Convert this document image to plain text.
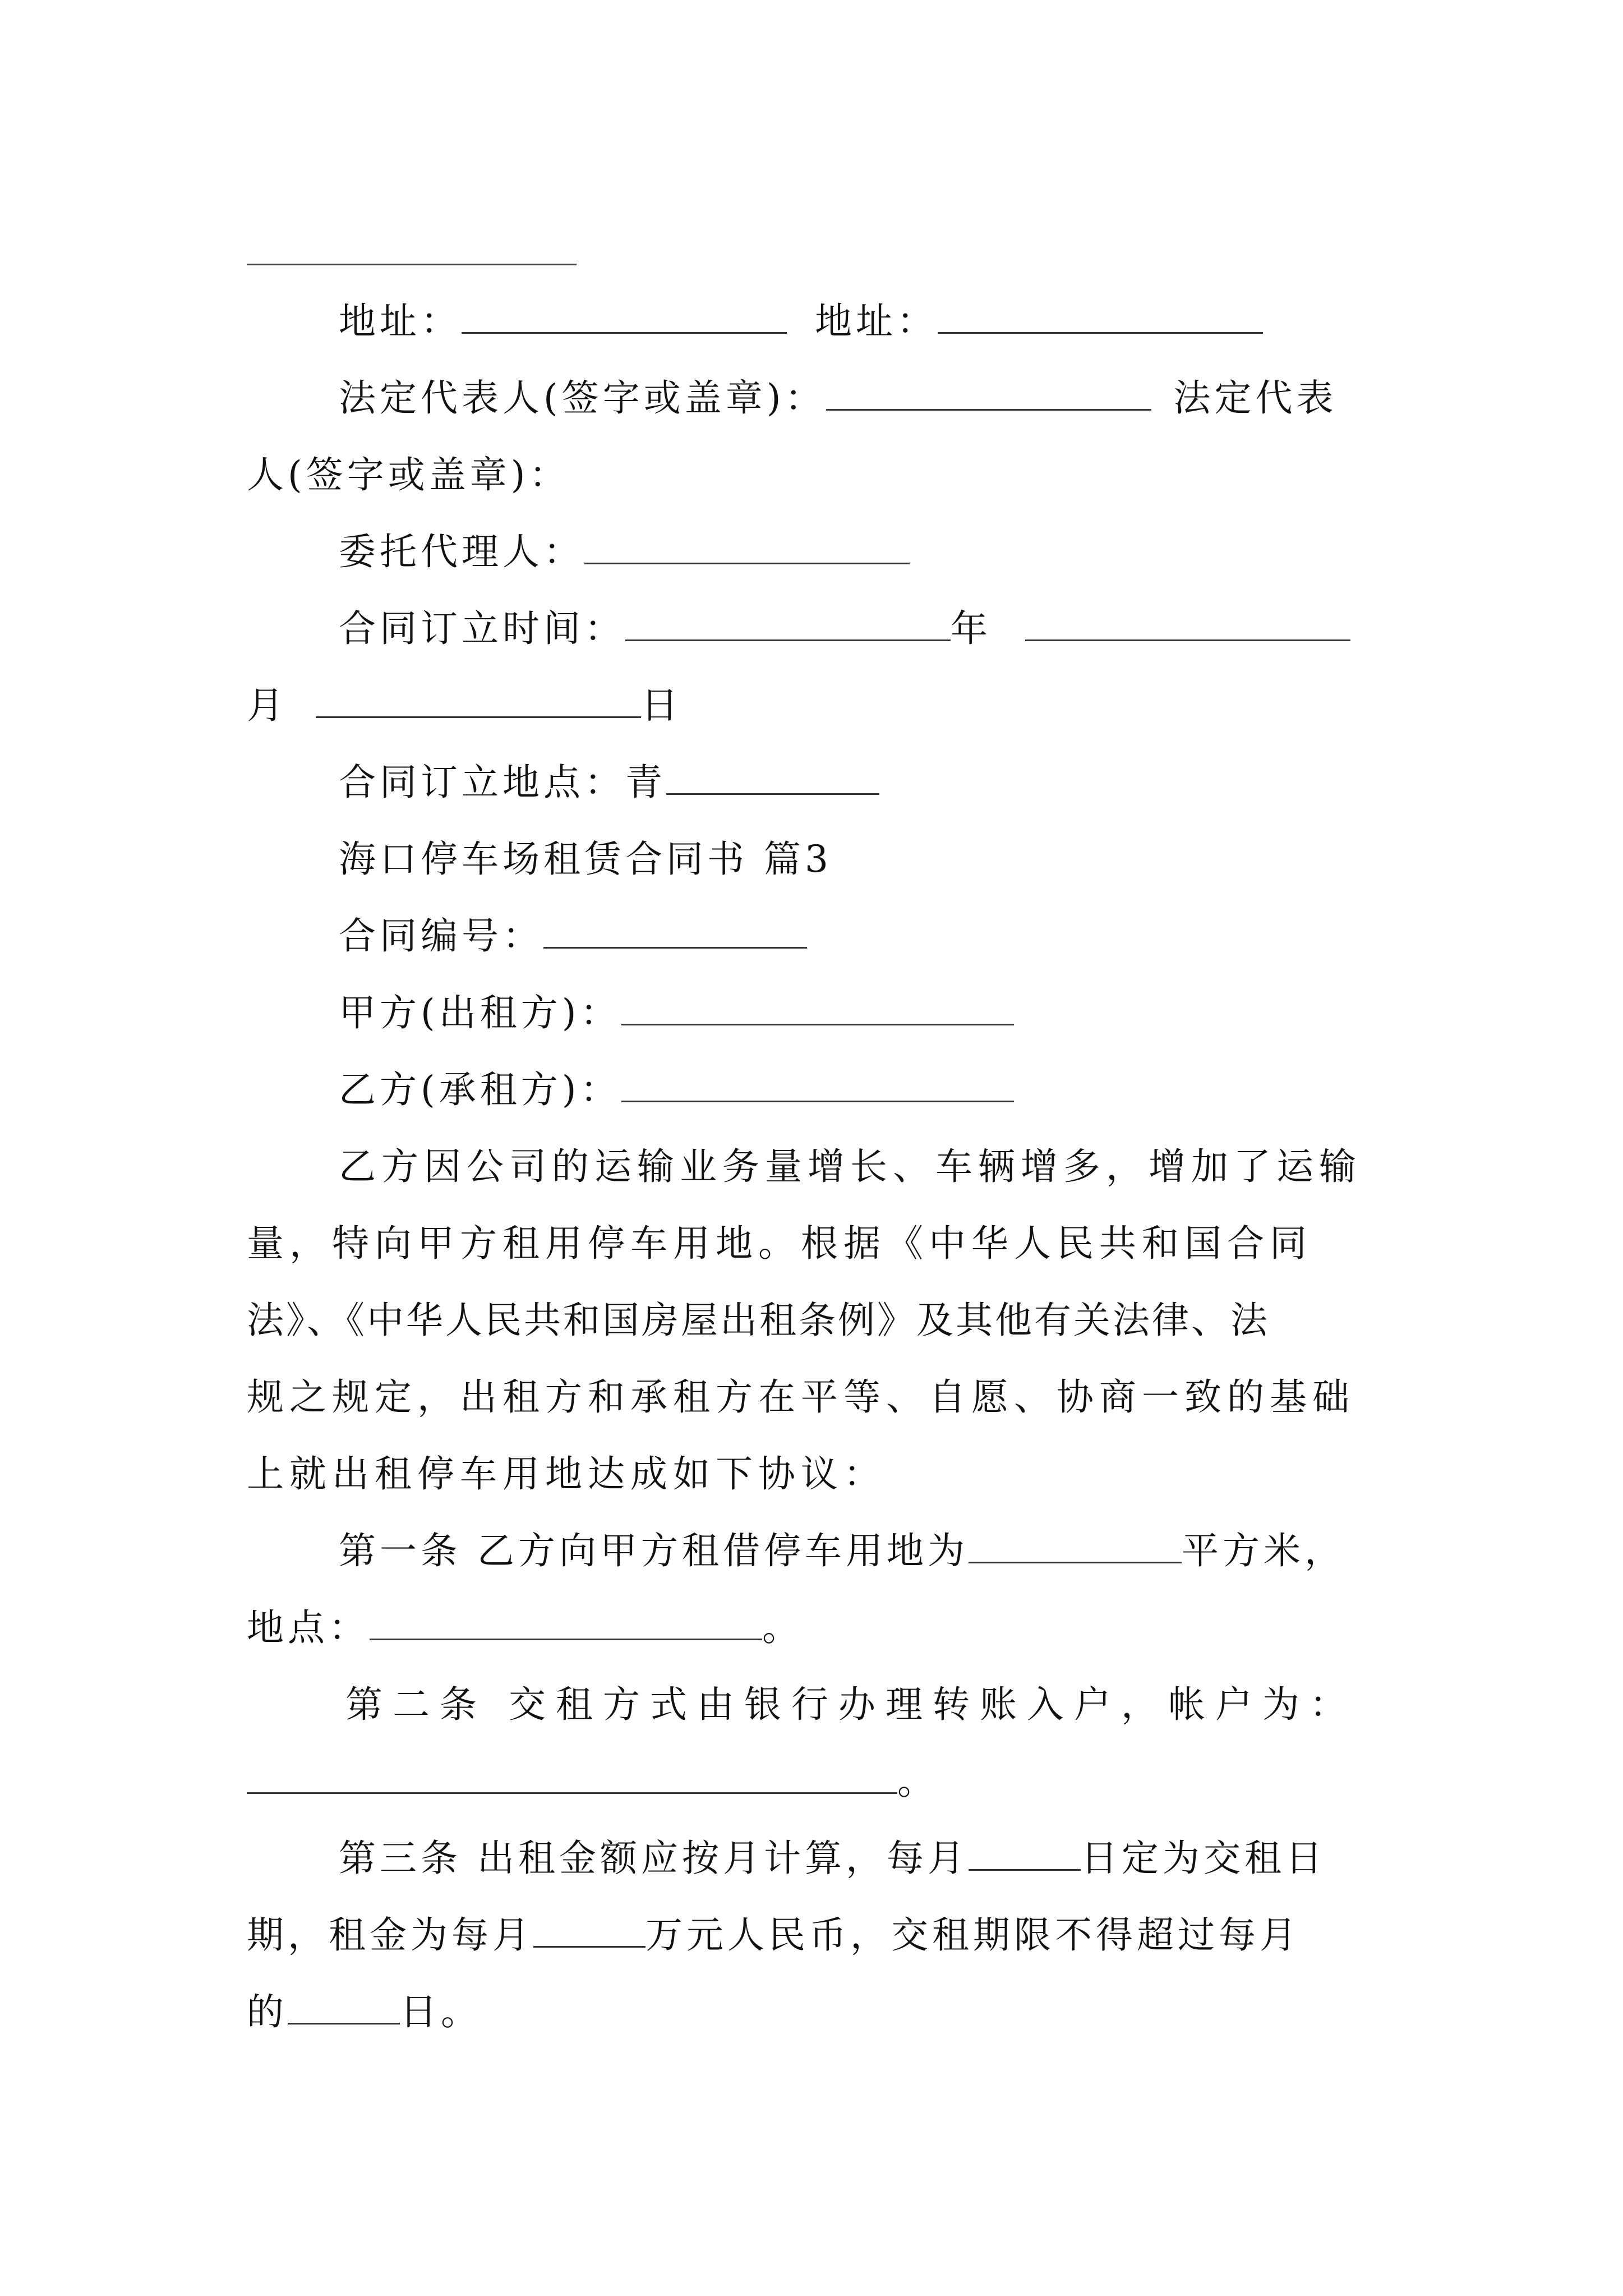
地址：	地址：
法定代表人(签字或盖章)：	法定代表
人(签字或盖章)：
委托代理人：
合同订立时间：	年
月	日
合同订立地点：青
海口停车场租赁合同书 篇3
合同编号：
甲方(出租方)：
乙方(承租方)：
乙方因公司的运输业务量增长、车辆增多，增加了运输
量，特向甲方租用停车用地。根据《中华人民共和国合同
法》、《中华人民共和国房屋出租条例》及其他有关法律、法
规之规定，出租方和承租方在平等、自愿、协商一致的基础
上就出租停车用地达成如下协议：
第一条 乙方向甲方租借停车用地为	平方米，
地点：	。
第二条 交租方式由银行办理转账入户，帐户为：
。
第三条 出租金额应按月计算，每月	日定为交租日
期，租金为每月	万元人民币，交租期限不得超过每月
的	日。
